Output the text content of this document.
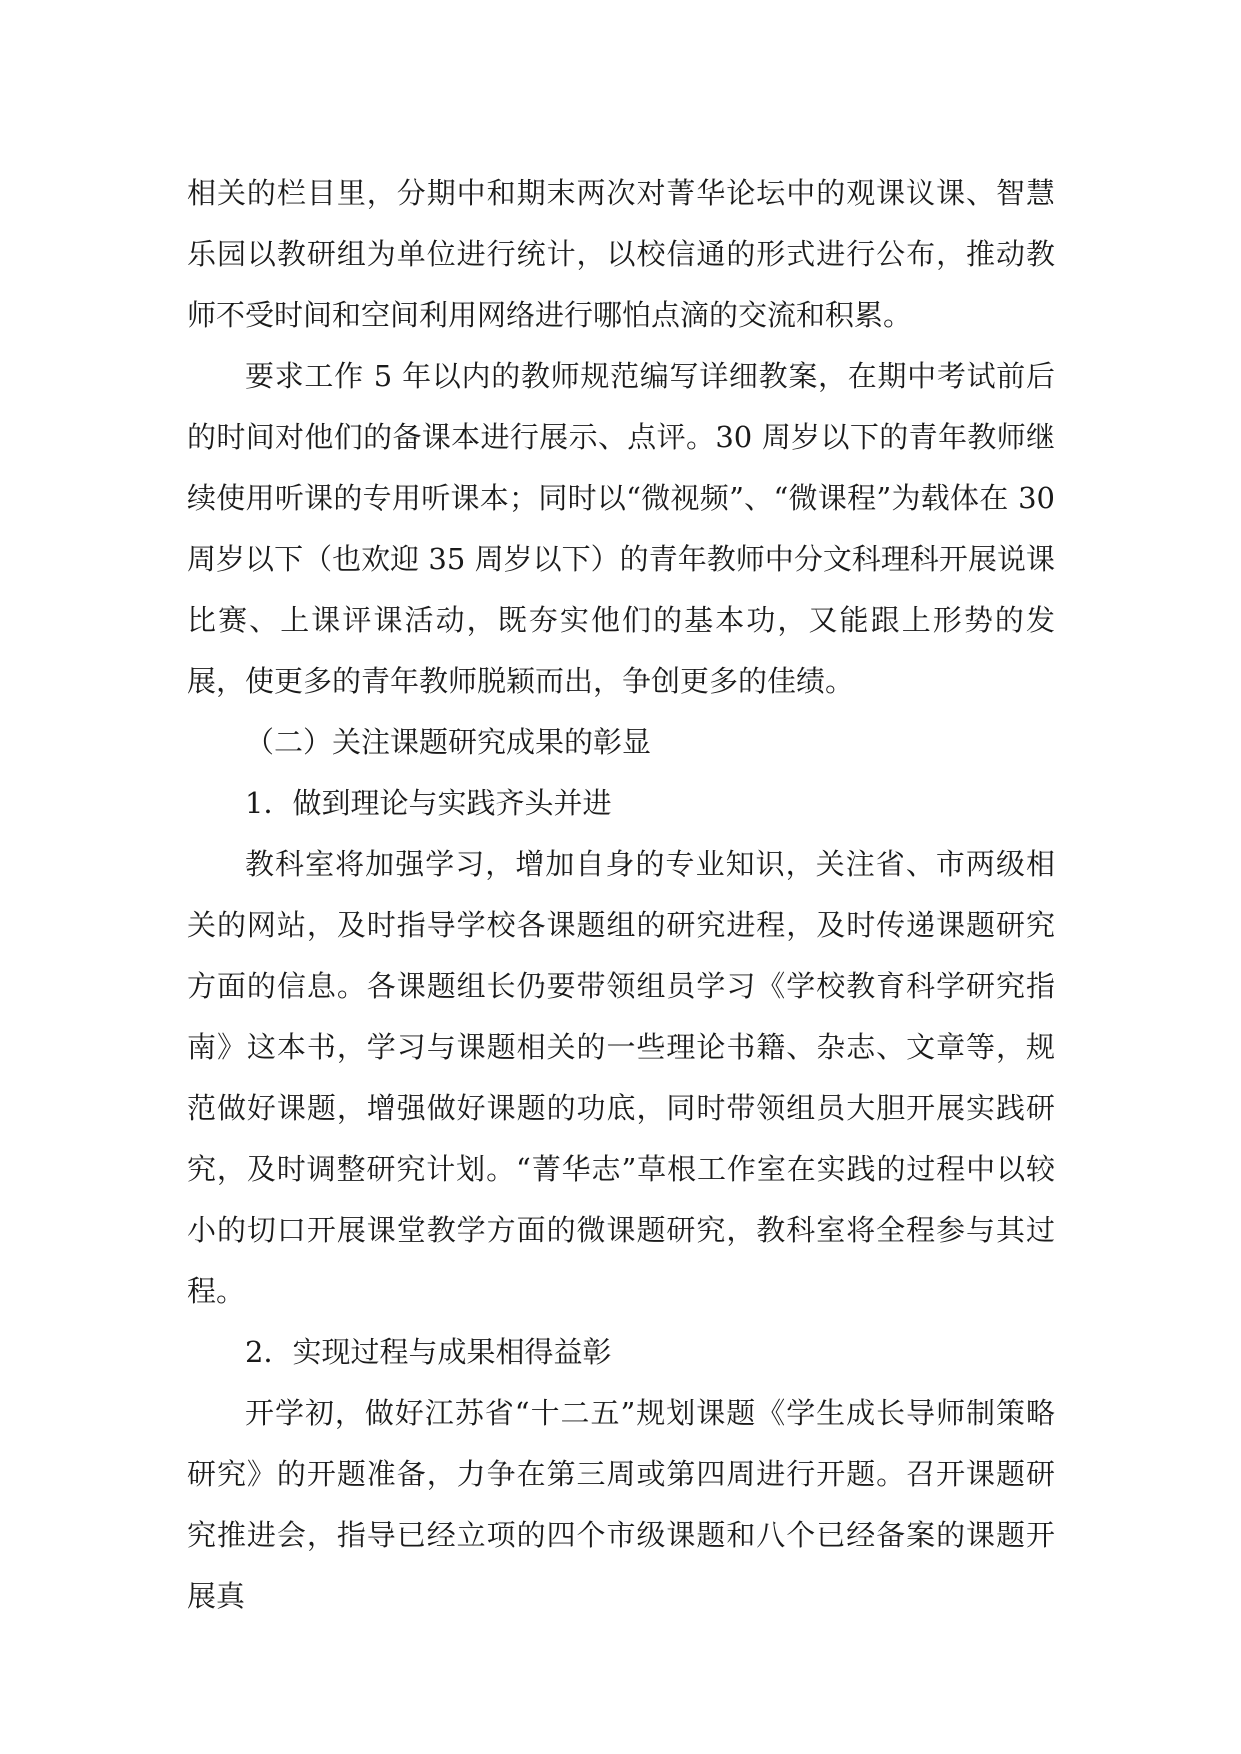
相关的栏目里，分期中和期末两次对菁华论坛中的观课议课、智慧乐园以教研组为单位进行统计，以校信通的形式进行公布，推动教师不受时间和空间利用网络进行哪怕点滴的交流和积累。

要求工作 5 年以内的教师规范编写详细教案，在期中考试前后的时间对他们的备课本进行展示、点评。30 周岁以下的青年教师继续使用听课的专用听课本；同时以“微视频”、“微课程”为载体在 30 周岁以下（也欢迎 35 周岁以下）的青年教师中分文科理科开展说课比赛、上课评课活动，既夯实他们的基本功，又能跟上形势的发展，使更多的青年教师脱颖而出，争创更多的佳绩。

（二）关注课题研究成果的彰显

1．做到理论与实践齐头并进

教科室将加强学习，增加自身的专业知识，关注省、市两级相关的网站，及时指导学校各课题组的研究进程，及时传递课题研究方面的信息。各课题组长仍要带领组员学习《学校教育科学研究指南》这本书，学习与课题相关的一些理论书籍、杂志、文章等，规范做好课题，增强做好课题的功底，同时带领组员大胆开展实践研究，及时调整研究计划。“菁华志”草根工作室在实践的过程中以较小的切口开展课堂教学方面的微课题研究，教科室将全程参与其过程。

2．实现过程与成果相得益彰

开学初，做好江苏省“十二五”规划课题《学生成长导师制策略研究》的开题准备，力争在第三周或第四周进行开题。召开课题研究推进会，指导已经立项的四个市级课题和八个已经备案的课题开展真
